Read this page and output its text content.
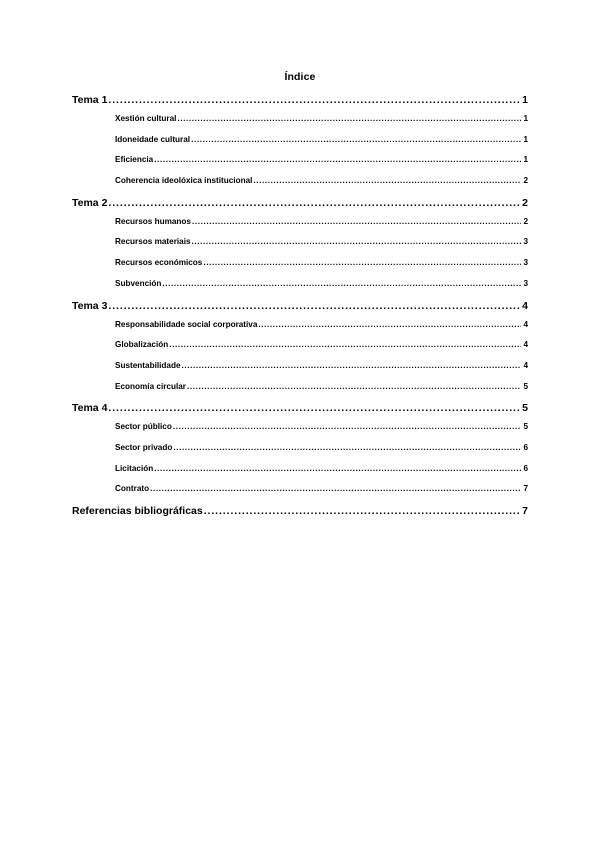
Índice
Tema 1 .....	1
Xestión cultural .....	1
Idoneidade cultural .....	1
Eficiencia .....	1
Coherencia ideolóxica institucional .....	2
Tema 2 .....	2
Recursos humanos .....	2
Recursos materiais .....	3
Recursos económicos .....	3
Subvención .....	3
Tema 3 .....	4
Responsabilidade social corporativa .....	4
Globalización .....	4
Sustentabilidade .....	4
Economía circular .....	5
Tema 4 .....	5
Sector público .....	5
Sector privado .....	6
Licitación .....	6
Contrato .....	7
Referencias bibliográficas .....	7
